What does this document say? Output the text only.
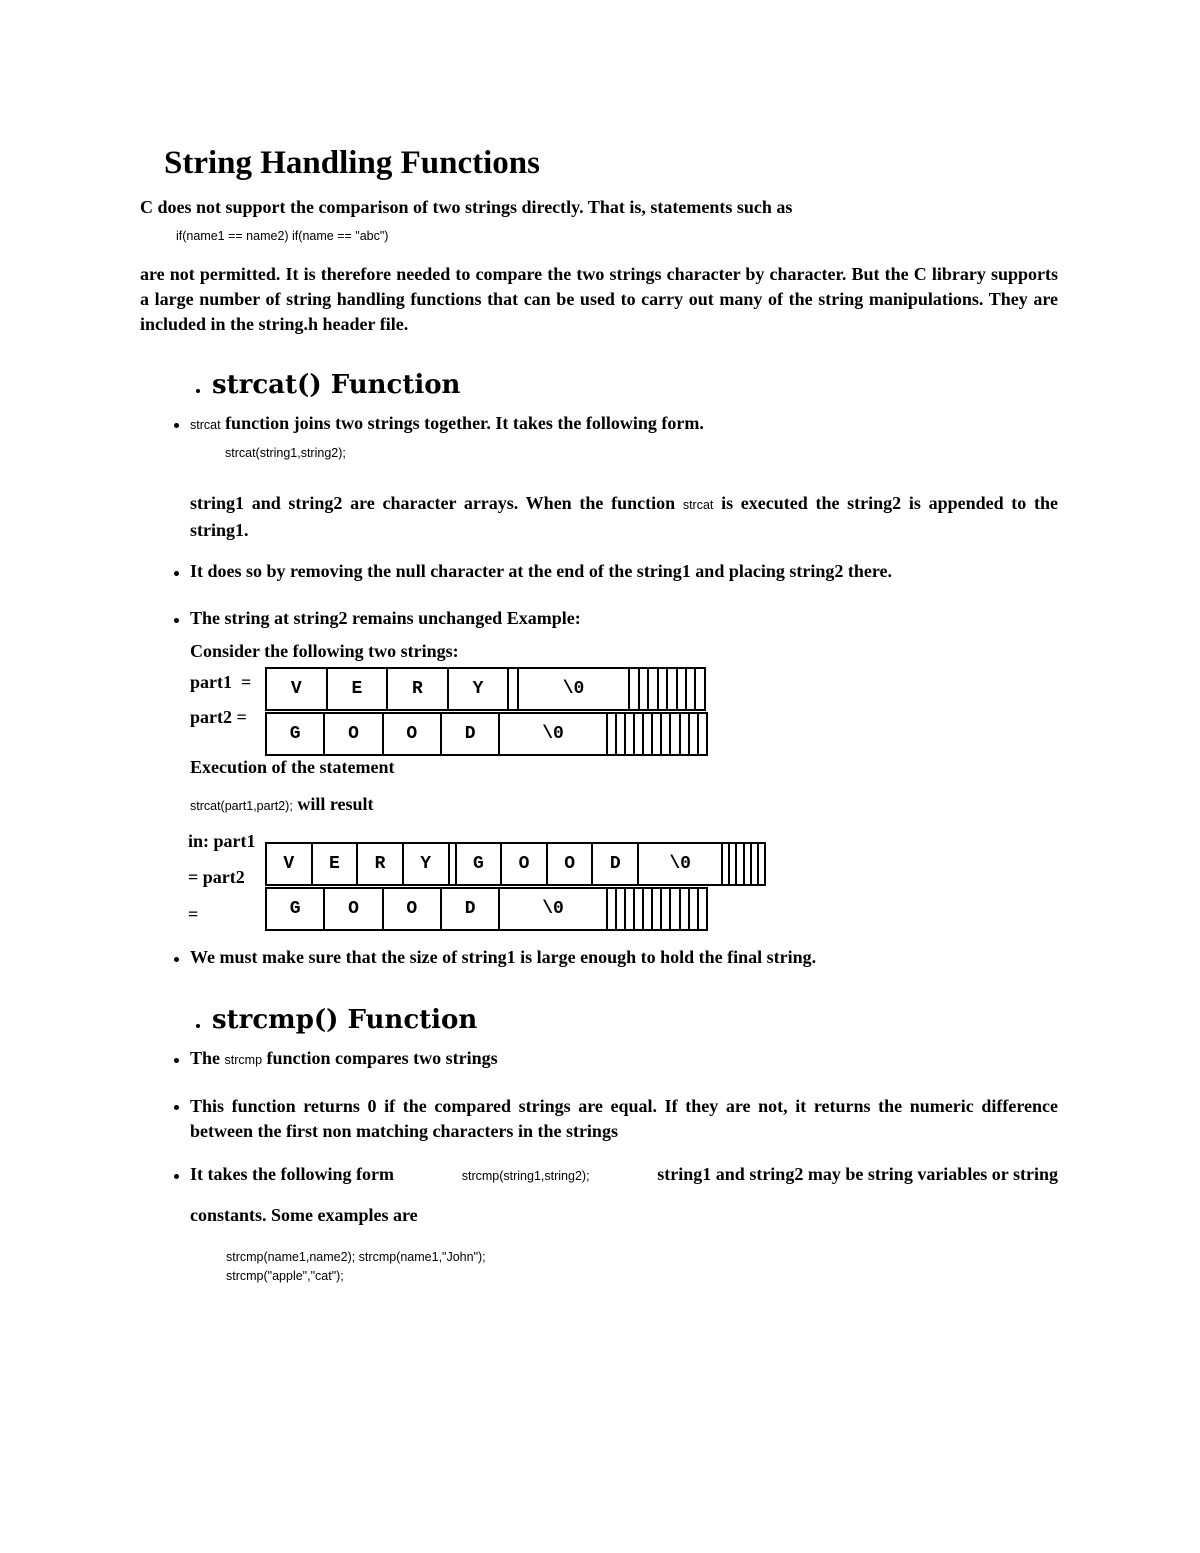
String Handling Functions
C does not support the comparison of two strings directly. That is, statements such as
if(name1 == name2) if(name == "abc")
are not permitted. It is therefore needed to compare the two strings character by character. But the C library supports a large number of string handling functions that can be used to carry out many of the string manipulations. They are included in the string.h header file.
strcat() Function
strcat function joins two strings together. It takes the following form.
strcat(string1,string2);
string1 and string2 are character arrays. When the function strcat is executed the string2 is appended to the string1.
It does so by removing the null character at the end of the string1 and placing string2 there.
The string at string2 remains unchanged Example:
Consider the following two strings:
part1  =
part2 =
V	E	R	Y		\0								
G	O	O	D	\0											
Execution of the statement
strcat(part1,part2); will result
in: part1
= part2
=
V	E	R	Y		G	O	O	D	\0						
G	O	O	D	\0											
We must make sure that the size of string1 is large enough to hold the final string.
strcmp() Function
The strcmp function compares two strings
This function returns 0 if the compared strings are equal. If they are not, it returns the numeric difference between the first non matching characters in the strings
It takes the following form	strcmp(string1,string2);	string1 and string2 may be string variables or string
constants. Some examples are
strcmp(name1,name2); strcmp(name1,"John");
strcmp("apple","cat");
